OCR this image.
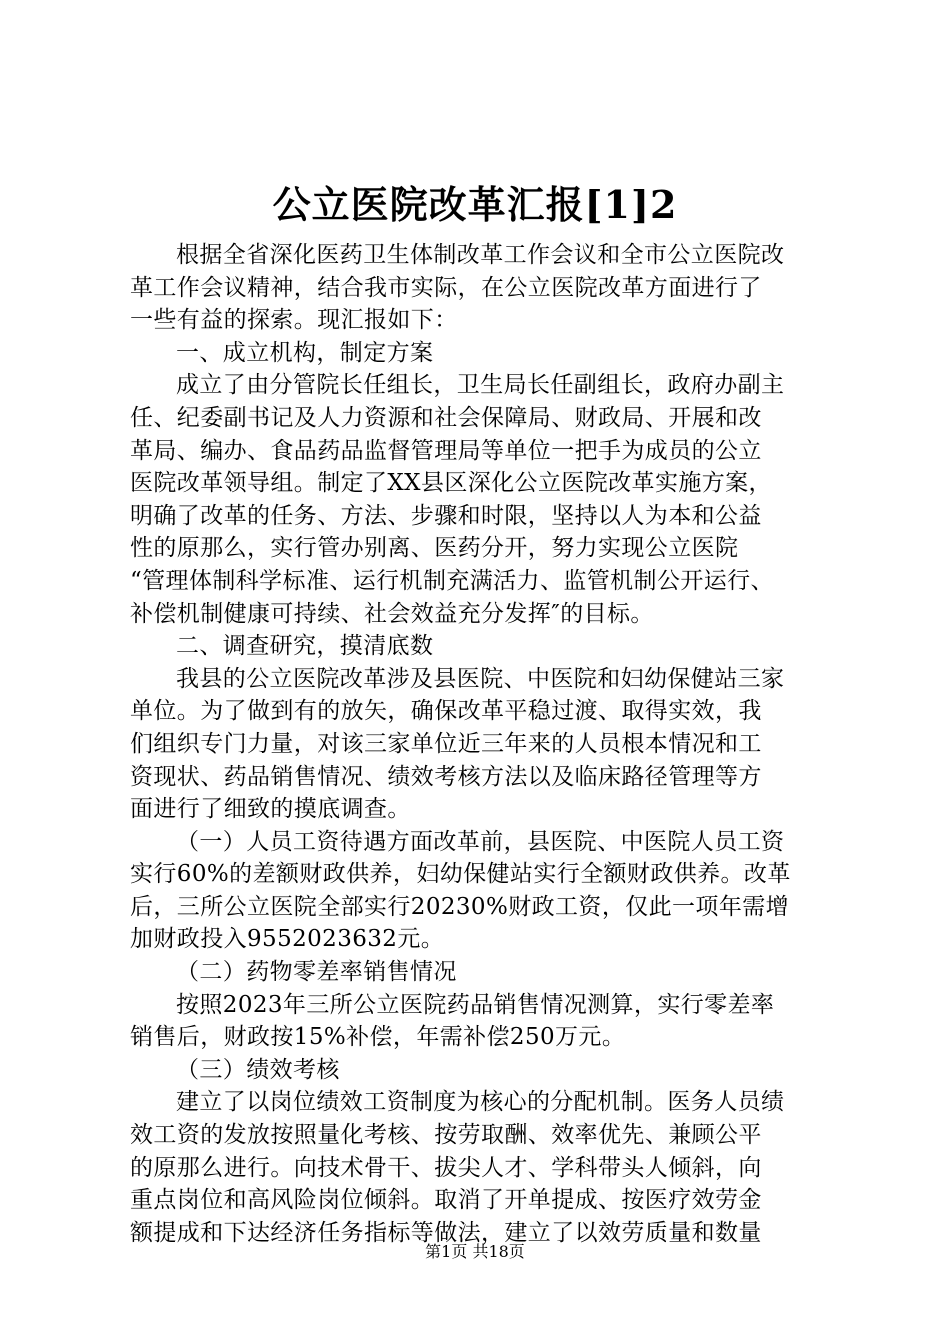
公立医院改革汇报[1]2
根据全省深化医药卫生体制改革工作会议和全市公立医院改
革工作会议精神，结合我市实际，在公立医院改革方面进行了
一些有益的探索。现汇报如下：
一、成立机构，制定方案
成立了由分管院长任组长，卫生局长任副组长，政府办副主
任、纪委副书记及人力资源和社会保障局、财政局、开展和改
革局、编办、食品药品监督管理局等单位一把手为成员的公立
医院改革领导组。制定了XX县区深化公立医院改革实施方案，
明确了改革的任务、方法、步骤和时限，坚持以人为本和公益
性的原那么，实行管办别离、医药分开，努力实现公立医院
“管理体制科学标准、运行机制充满活力、监管机制公开运行、
补偿机制健康可持续、社会效益充分发挥″的目标。
二、调查研究，摸清底数
我县的公立医院改革涉及县医院、中医院和妇幼保健站三家
单位。为了做到有的放矢，确保改革平稳过渡、取得实效，我
们组织专门力量，对该三家单位近三年来的人员根本情况和工
资现状、药品销售情况、绩效考核方法以及临床路径管理等方
面进行了细致的摸底调查。
（一）人员工资待遇方面改革前，县医院、中医院人员工资
实行60%的差额财政供养，妇幼保健站实行全额财政供养。改革
后，三所公立医院全部实行20230%财政工资，仅此一项年需增
加财政投入9552023632元。
（二）药物零差率销售情况
按照2023年三所公立医院药品销售情况测算，实行零差率
销售后，财政按15%补偿，年需补偿250万元。
（三）绩效考核
建立了以岗位绩效工资制度为核心的分配机制。医务人员绩
效工资的发放按照量化考核、按劳取酬、效率优先、兼顾公平
的原那么进行。向技术骨干、拔尖人才、学科带头人倾斜，向
重点岗位和高风险岗位倾斜。取消了开单提成、按医疗效劳金
额提成和下达经济任务指标等做法，建立了以效劳质量和数量
第1页 共18页
